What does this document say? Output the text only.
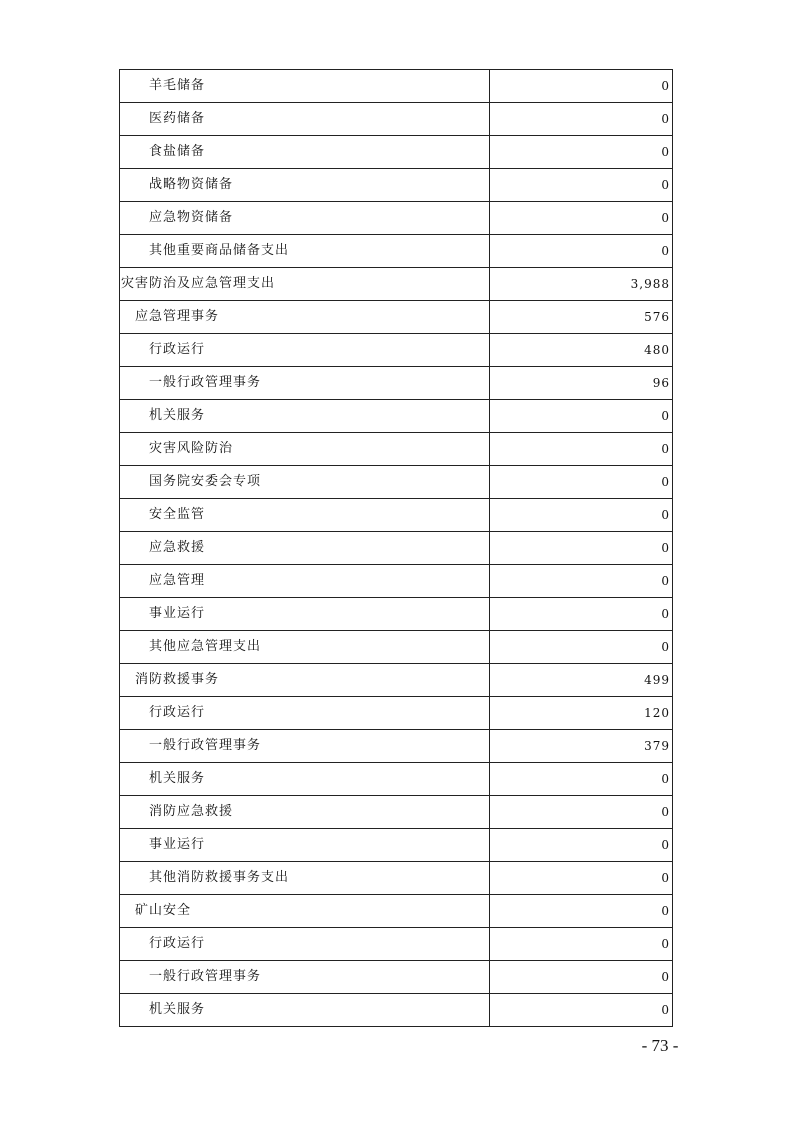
羊毛储备	0
医药储备	0
食盐储备	0
战略物资储备	0
应急物资储备	0
其他重要商品储备支出	0
灾害防治及应急管理支出	3,988
应急管理事务	576
行政运行	480
一般行政管理事务	96
机关服务	0
灾害风险防治	0
国务院安委会专项	0
安全监管	0
应急救援	0
应急管理	0
事业运行	0
其他应急管理支出	0
消防救援事务	499
行政运行	120
一般行政管理事务	379
机关服务	0
消防应急救援	0
事业运行	0
其他消防救援事务支出	0
矿山安全	0
行政运行	0
一般行政管理事务	0
机关服务	0
- 73 -
